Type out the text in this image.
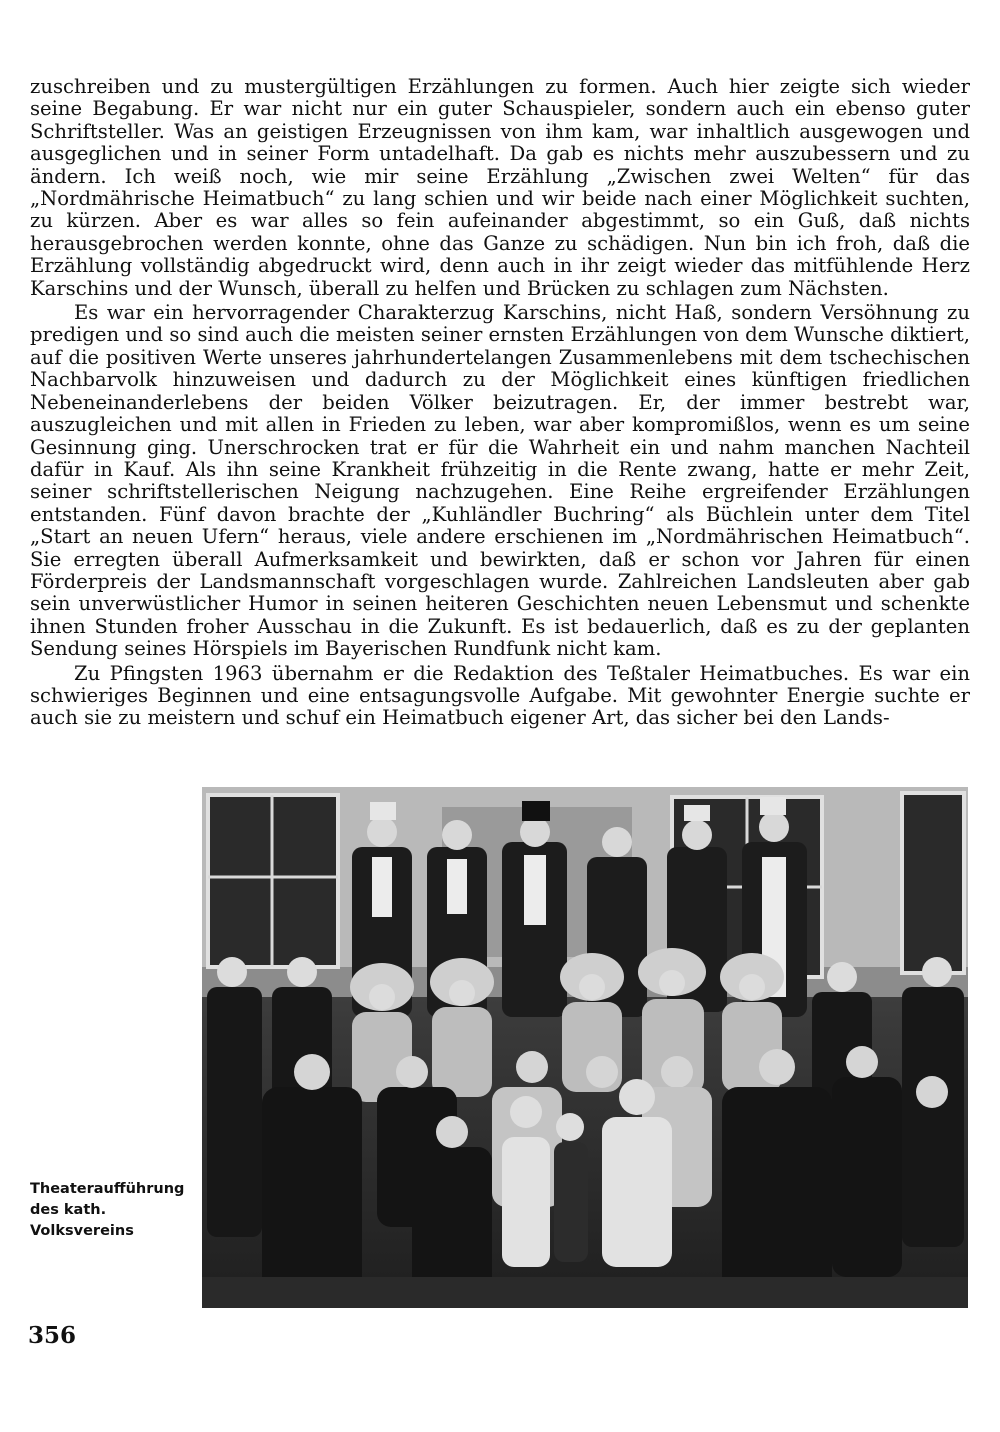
zuschreiben und zu mustergültigen Erzählungen zu formen. Auch hier zeigte sich wieder seine Begabung. Er war nicht nur ein guter Schauspieler, sondern auch ein ebenso guter Schriftsteller. Was an geistigen Erzeugnissen von ihm kam, war inhaltlich ausgewogen und ausgeglichen und in seiner Form untadelhaft. Da gab es nichts mehr auszubessern und zu ändern. Ich weiß noch, wie mir seine Erzählung „Zwischen zwei Welten“ für das „Nordmährische Heimatbuch“ zu lang schien und wir beide nach einer Möglichkeit suchten, zu kürzen. Aber es war alles so fein aufeinander abgestimmt, so ein Guß, daß nichts herausgebrochen werden konnte, ohne das Ganze zu schädigen. Nun bin ich froh, daß die Erzählung vollständig abgedruckt wird, denn auch in ihr zeigt wieder das mitfühlende Herz Karschins und der Wunsch, überall zu helfen und Brücken zu schlagen zum Nächsten.

Es war ein hervorragender Charakterzug Karschins, nicht Haß, sondern Versöhnung zu predigen und so sind auch die meisten seiner ernsten Erzählungen von dem Wunsche diktiert, auf die positiven Werte unseres jahrhundertelangen Zusammenlebens mit dem tschechischen Nachbarvolk hinzuweisen und dadurch zu der Möglichkeit eines künftigen friedlichen Nebeneinanderlebens der beiden Völker beizutragen. Er, der immer bestrebt war, auszugleichen und mit allen in Frieden zu leben, war aber kompromißlos, wenn es um seine Gesinnung ging. Unerschrocken trat er für die Wahrheit ein und nahm manchen Nachteil dafür in Kauf. Als ihn seine Krankheit frühzeitig in die Rente zwang, hatte er mehr Zeit, seiner schriftstellerischen Neigung nachzugehen. Eine Reihe ergreifender Erzählungen entstanden. Fünf davon brachte der „Kuhländler Buchring“ als Büchlein unter dem Titel „Start an neuen Ufern“ heraus, viele andere erschienen im „Nordmährischen Heimatbuch“. Sie erregten überall Aufmerksamkeit und bewirkten, daß er schon vor Jahren für einen Förderpreis der Landsmannschaft vorgeschlagen wurde. Zahlreichen Landsleuten aber gab sein unverwüstlicher Humor in seinen heiteren Geschichten neuen Lebensmut und schenkte ihnen Stunden froher Ausschau in die Zukunft. Es ist bedauerlich, daß es zu der geplanten Sendung seines Hörspiels im Bayerischen Rundfunk nicht kam.

Zu Pfingsten 1963 übernahm er die Redaktion des Teßtaler Heimatbuches. Es war ein schwieriges Beginnen und eine entsagungsvolle Aufgabe. Mit gewohnter Energie suchte er auch sie zu meistern und schuf ein Heimatbuch eigener Art, das sicher bei den Lands-

Theateraufführung
des kath.
Volksvereins
356
